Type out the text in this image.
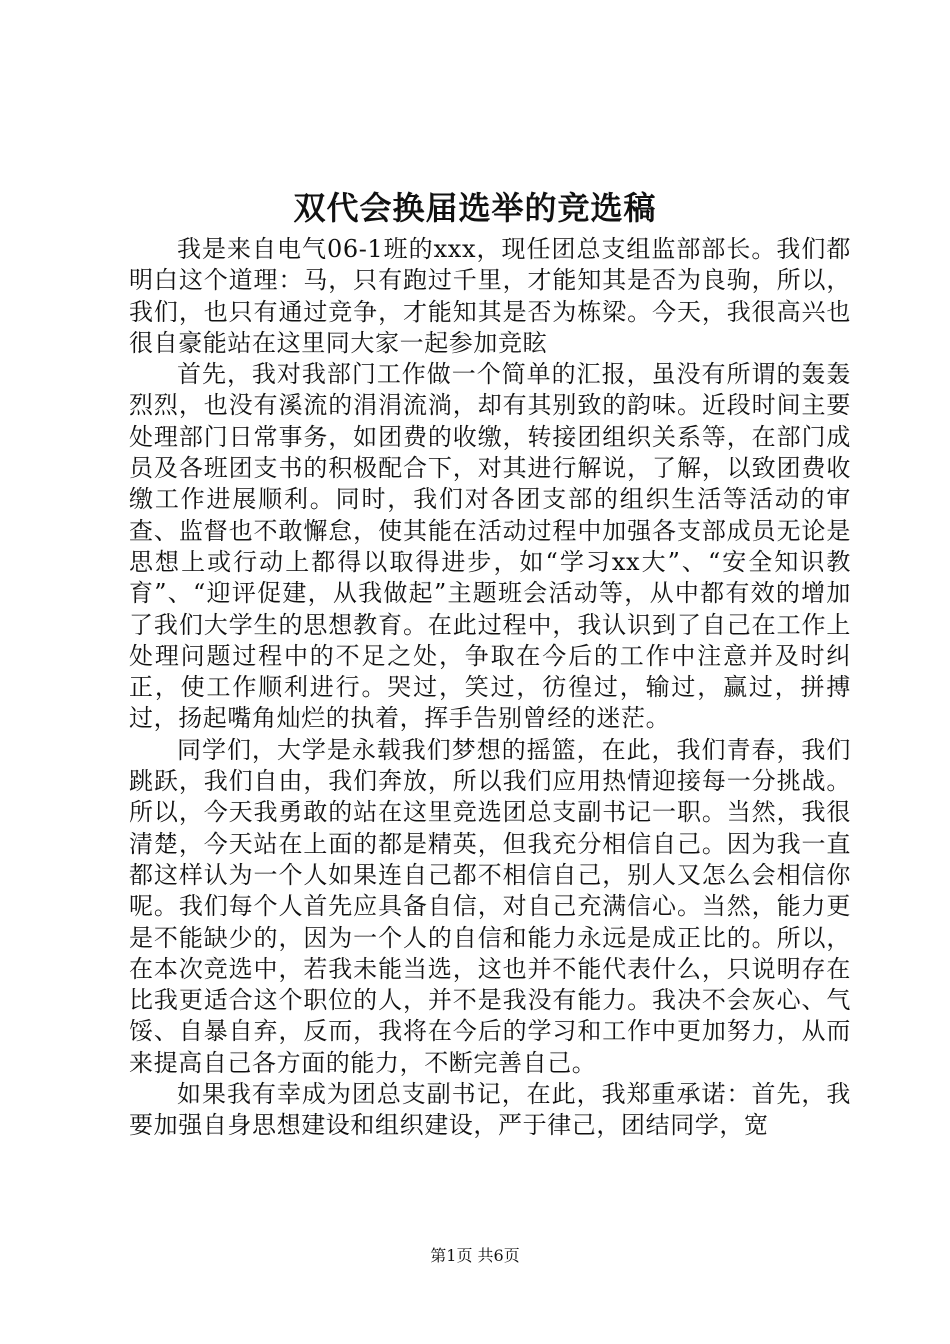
双代会换届选举的竞选稿

我是来自电气06-1班的xxx，现任团总支组监部部长。我们都明白这个道理：马，只有跑过千里，才能知其是否为良驹，所以，我们，也只有通过竞争，才能知其是否为栋梁。今天，我很高兴也很自豪能站在这里同大家一起参加竞眩

首先，我对我部门工作做一个简单的汇报，虽没有所谓的轰轰烈烈，也没有溪流的涓涓流淌，却有其别致的韵味。近段时间主要处理部门日常事务，如团费的收缴，转接团组织关系等，在部门成员及各班团支书的积极配合下，对其进行解说，了解，以致团费收缴工作进展顺利。同时，我们对各团支部的组织生活等活动的审查、监督也不敢懈怠，使其能在活动过程中加强各支部成员无论是思想上或行动上都得以取得进步，如“学习xx大”、“安全知识教育”、“迎评促建，从我做起”主题班会活动等，从中都有效的增加了我们大学生的思想教育。在此过程中，我认识到了自己在工作上处理问题过程中的不足之处，争取在今后的工作中注意并及时纠正，使工作顺利进行。哭过，笑过，彷徨过，输过，赢过，拼搏过，扬起嘴角灿烂的执着，挥手告别曾经的迷茫。

同学们，大学是永载我们梦想的摇篮，在此，我们青春，我们跳跃，我们自由，我们奔放，所以我们应用热情迎接每一分挑战。所以，今天我勇敢的站在这里竞选团总支副书记一职。当然，我很清楚，今天站在上面的都是精英，但我充分相信自己。因为我一直都这样认为一个人如果连自己都不相信自己，别人又怎么会相信你呢。我们每个人首先应具备自信，对自己充满信心。当然，能力更是不能缺少的，因为一个人的自信和能力永远是成正比的。所以，在本次竞选中，若我未能当选，这也并不能代表什么，只说明存在比我更适合这个职位的人，并不是我没有能力。我决不会灰心、气馁、自暴自弃，反而，我将在今后的学习和工作中更加努力，从而来提高自己各方面的能力，不断完善自己。

如果我有幸成为团总支副书记，在此，我郑重承诺：首先，我要加强自身思想建设和组织建设，严于律己，团结同学，宽

第1页 共6页
